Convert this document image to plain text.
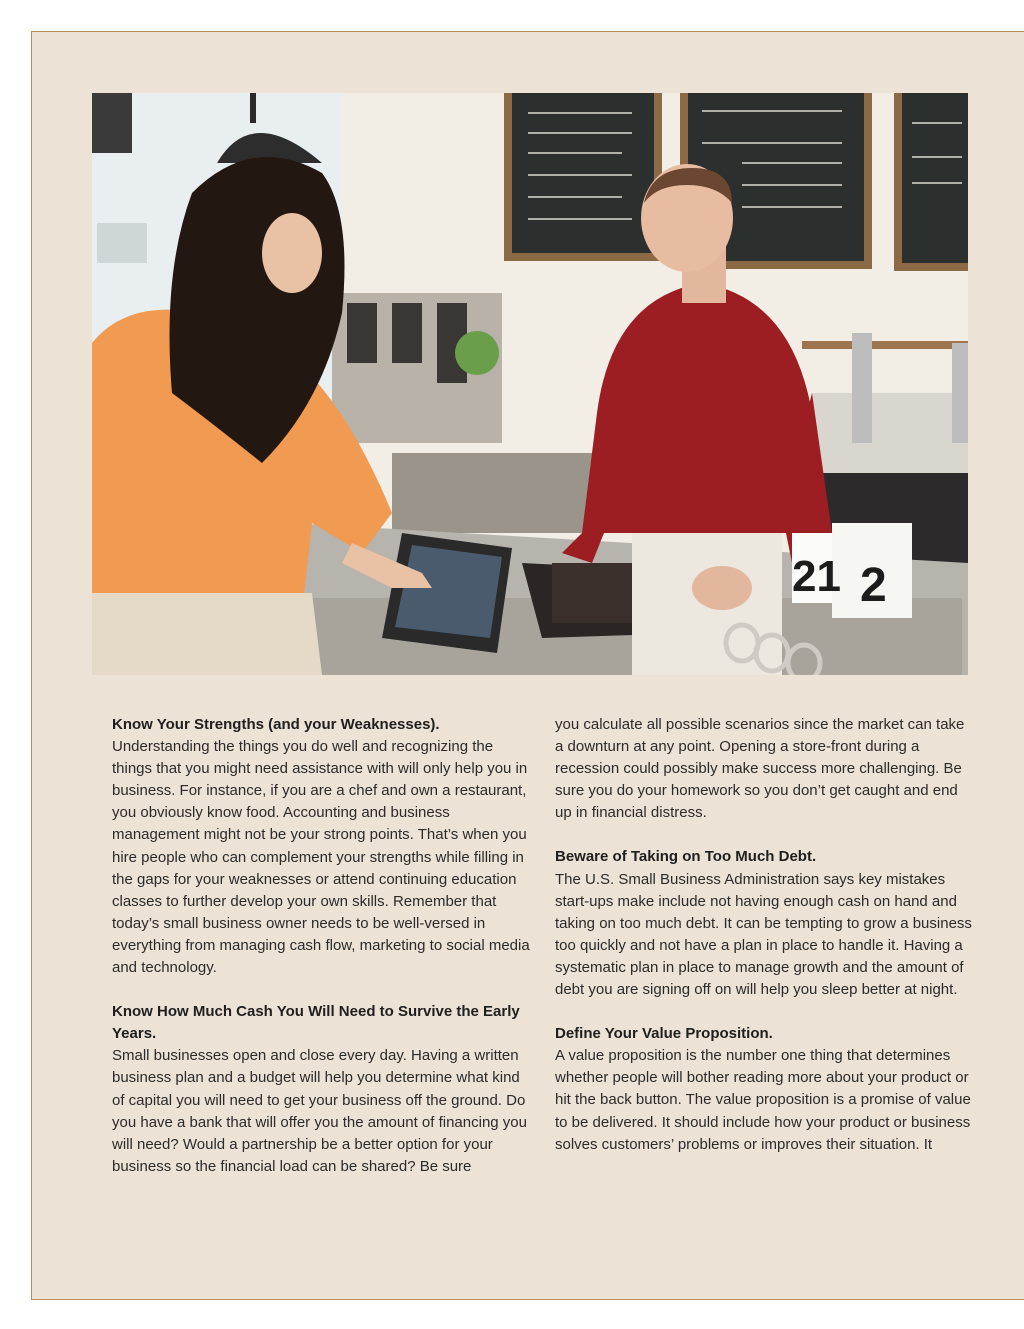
21 2

Know Your Strengths (and your Weaknesses).
Understanding the things you do well and recognizing the things that you might need assistance with will only help you in business. For instance, if you are a chef and own a restaurant, you obviously know food. Accounting and business management might not be your strong points. That’s when you hire people who can complement your strengths while filling in the gaps for your weaknesses or attend continuing education classes to further develop your own skills. Remember that today’s small business owner needs to be well-versed in everything from managing cash flow, marketing to social media and technology.

Know How Much Cash You Will Need to Survive the Early Years.
Small businesses open and close every day. Having a written business plan and a budget will help you determine what kind of capital you will need to get your business off the ground. Do you have a bank that will offer you the amount of financing you will need? Would a partnership be a better option for your business so the financial load can be shared? Be sure

you calculate all possible scenarios since the market can take a downturn at any point. Opening a store-front during a recession could possibly make success more challenging. Be sure you do your homework so you don’t get caught and end up in financial distress.

Beware of Taking on Too Much Debt.
The U.S. Small Business Administration says key mistakes start-ups make include not having enough cash on hand and taking on too much debt. It can be tempting to grow a business too quickly and not have a plan in place to handle it. Having a systematic plan in place to manage growth and the amount of debt you are signing off on will help you sleep better at night.

Define Your Value Proposition.
A value proposition is the number one thing that determines whether people will bother reading more about your product or hit the back button. The value proposition is a promise of value to be delivered. It should include how your product or business solves customers’ problems or improves their situation. It
